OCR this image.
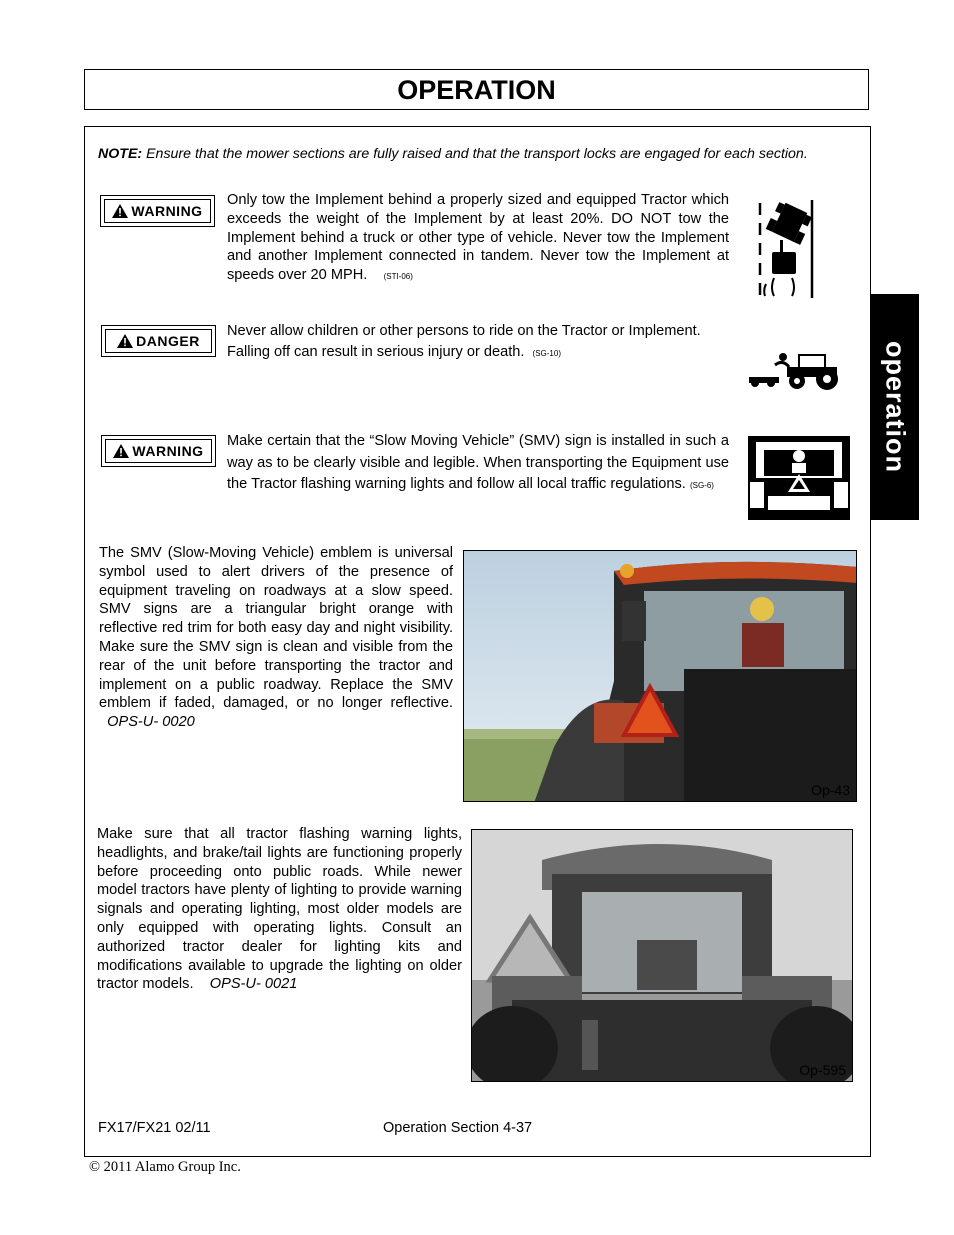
OPERATION
operation
NOTE: Ensure that the mower sections are fully raised and that the transport locks are engaged for each section.
WARNING
Only tow the Implement behind a properly sized and equipped Tractor which exceeds the weight of the Implement by at least 20%. DO NOT tow the Implement behind a truck or other type of vehicle. Never tow the Implement and another Implement connected in tandem. Never tow the Implement at speeds over 20 MPH. (STI-06)
DANGER
Never allow children or other persons to ride on the Tractor or Implement. Falling off can result in serious injury or death. (SG-10)
WARNING
Make certain that the “Slow Moving Vehicle” (SMV) sign is installed in such a way as to be clearly visible and legible. When transporting the Equipment use the Tractor flashing warning lights and follow all local traffic regulations. (SG-6)
The SMV (Slow-Moving Vehicle) emblem is universal symbol used to alert drivers of the presence of equipment traveling on roadways at a slow speed. SMV signs are a triangular bright orange with reflective red trim for both easy day and night visibility. Make sure the SMV sign is clean and visible from the rear of the unit before transporting the tractor and implement on a public roadway. Replace the SMV emblem if faded, damaged, or no longer reflective.   OPS-U- 0020
Op-43
Make sure that all tractor flashing warning lights, headlights, and brake/tail lights are functioning properly before proceeding onto public roads. While newer model tractors have plenty of lighting to provide warning signals and operating lighting, most older models are only equipped with operating lights. Consult an authorized tractor dealer for lighting kits and modifications available to upgrade the lighting on older tractor models. OPS-U- 0021
Op-595
FX17/FX21 02/11	Operation Section 4-37
© 2011 Alamo Group Inc.
